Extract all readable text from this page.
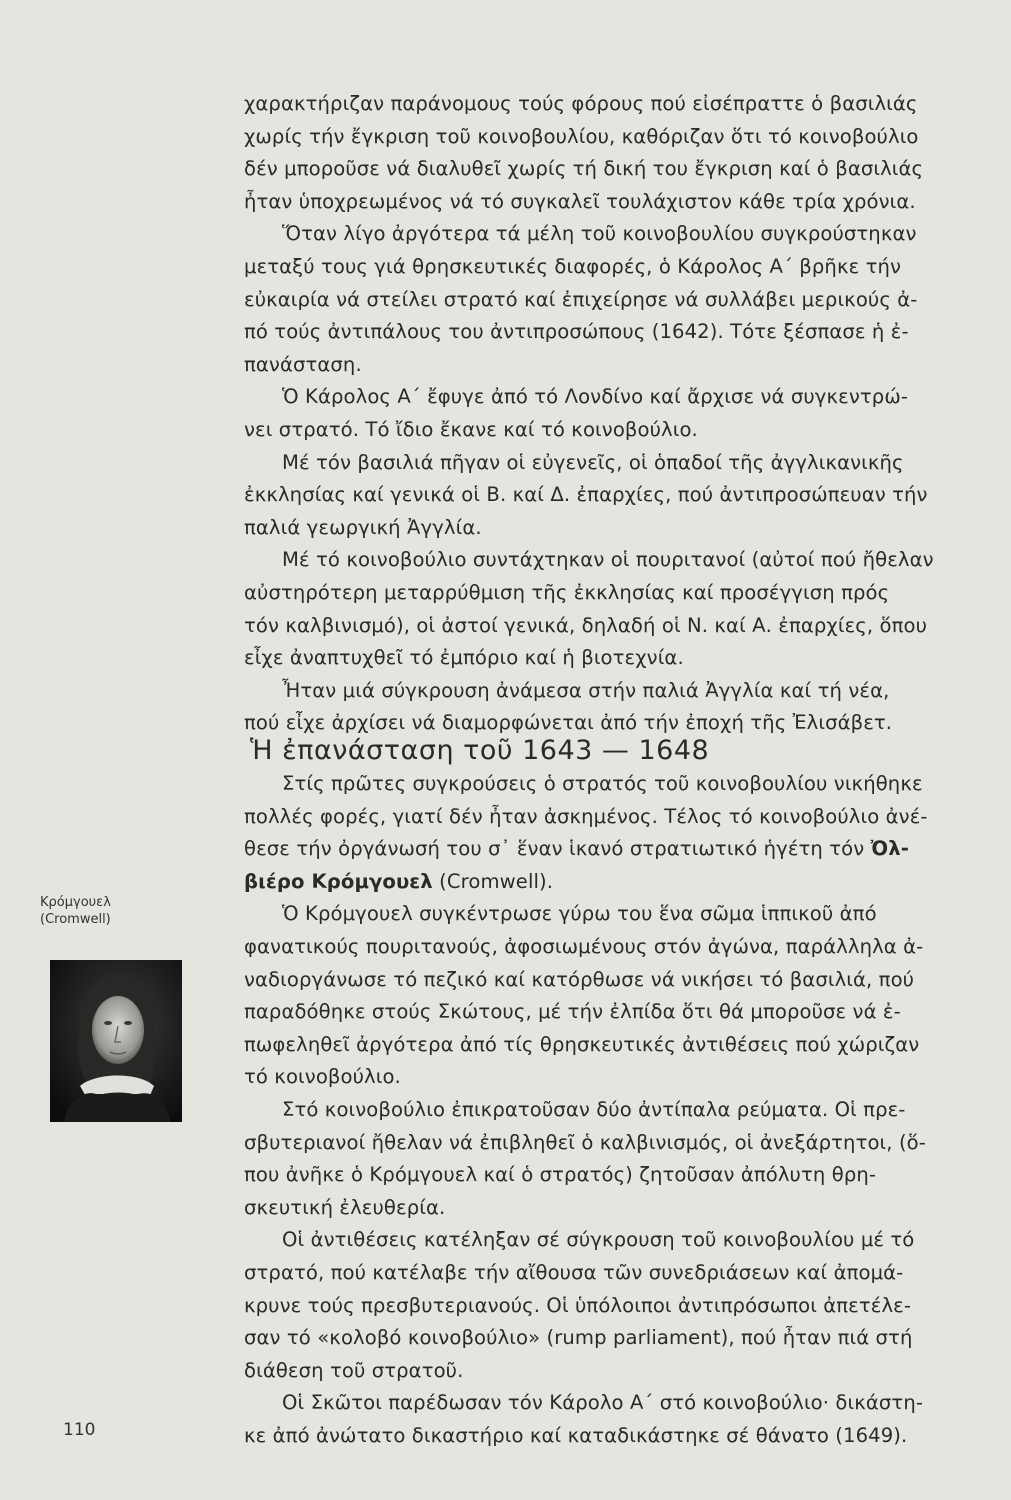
χαρακτήριζαν παράνομους τούς φόρους πού εἰσέπραττε ὁ βασιλιάς
χωρίς τήν ἔγκριση τοῦ κοινοβουλίου, καθόριζαν ὅτι τό κοινοβούλιο
δέν μποροῦσε νά διαλυθεῖ χωρίς τή δική του ἔγκριση καί ὁ βασιλιάς
ἦταν ὑποχρεωμένος νά τό συγκαλεῖ τουλάχιστον κάθε τρία χρόνια.

Ὅταν λίγο ἀργότερα τά μέλη τοῦ κοινοβουλίου συγκρούστηκαν
μεταξύ τους γιά θρησκευτικές διαφορές, ὁ Κάρολος Α΄ βρῆκε τήν
εὐκαιρία νά στείλει στρατό καί ἐπιχείρησε νά συλλάβει μερικούς ἀ-
πό τούς ἀντιπάλους του ἀντιπροσώπους (1642). Τότε ξέσπασε ἡ ἐ-
πανάσταση.

Ὁ Κάρολος Α΄ ἔφυγε ἀπό τό Λονδίνο καί ἄρχισε νά συγκεντρώ-
νει στρατό. Τό ἴδιο ἔκανε καί τό κοινοβούλιο.

Μέ τόν βασιλιά πῆγαν οἱ εὐγενεῖς, οἱ ὁπαδοί τῆς ἀγγλικανικῆς
ἐκκλησίας καί γενικά οἱ Β. καί Δ. ἐπαρχίες, πού ἀντιπροσώπευαν τήν
παλιά γεωργική Ἀγγλία.

Μέ τό κοινοβούλιο συντάχτηκαν οἱ πουριτανοί (αὐτοί πού ἤθελαν
αὐστηρότερη μεταρρύθμιση τῆς ἐκκλησίας καί προσέγγιση πρός
τόν καλβινισμό), οἱ ἀστοί γενικά, δηλαδή οἱ Ν. καί Α. ἐπαρχίες, ὅπου
εἶχε ἀναπτυχθεῖ τό ἐμπόριο καί ἡ βιοτεχνία.

Ἦταν μιά σύγκρουση ἀνάμεσα στήν παλιά Ἀγγλία καί τή νέα,
πού εἶχε ἀρχίσει νά διαμορφώνεται ἀπό τήν ἐποχή τῆς Ἐλισάβετ.

Ἡ ἐπανάσταση τοῦ 1643 — 1648

Στίς πρῶτες συγκρούσεις ὁ στρατός τοῦ κοινοβουλίου νικήθηκε
πολλές φορές, γιατί δέν ἦταν ἀσκημένος. Τέλος τό κοινοβούλιο ἀνέ-
θεσε τήν ὀργάνωσή του σ᾽ ἕναν ἱκανό στρατιωτικό ἡγέτη τόν Ὀλ-
βιέρο Κρόμγουελ (Cromwell).

Ὁ Κρόμγουελ συγκέντρωσε γύρω του ἕνα σῶμα ἱππικοῦ ἀπό
φανατικούς πουριτανούς, ἀφοσιωμένους στόν ἀγώνα, παράλληλα ἀ-
ναδιοργάνωσε τό πεζικό καί κατόρθωσε νά νικήσει τό βασιλιά, πού
παραδόθηκε στούς Σκώτους, μέ τήν ἐλπίδα ὅτι θά μποροῦσε νά ἐ-
πωφεληθεῖ ἀργότερα ἀπό τίς θρησκευτικές ἀντιθέσεις πού χώριζαν
τό κοινοβούλιο.

Στό κοινοβούλιο ἐπικρατοῦσαν δύο ἀντίπαλα ρεύματα. Οἱ πρε-
σβυτεριανοί ἤθελαν νά ἐπιβληθεῖ ὁ καλβινισμός, οἱ ἀνεξάρτητοι, (ὅ-
που ἀνῆκε ὁ Κρόμγουελ καί ὁ στρατός) ζητοῦσαν ἀπόλυτη θρη-
σκευτική ἐλευθερία.

Οἱ ἀντιθέσεις κατέληξαν σέ σύγκρουση τοῦ κοινοβουλίου μέ τό
στρατό, πού κατέλαβε τήν αἴθουσα τῶν συνεδριάσεων καί ἀπομά-
κρυνε τούς πρεσβυτεριανούς. Οἱ ὑπόλοιποι ἀντιπρόσωποι ἀπετέλε-
σαν τό «κολοβό κοινοβούλιο» (rump parliament), πού ἦταν πιά στή
διάθεση τοῦ στρατοῦ.

Οἱ Σκῶτοι παρέδωσαν τόν Κάρολο Α΄ στό κοινοβούλιο· δικάστη-
κε ἀπό ἀνώτατο δικαστήριο καί καταδικάστηκε σέ θάνατο (1649).

Κρόμγουελ
(Cromwell)
110
